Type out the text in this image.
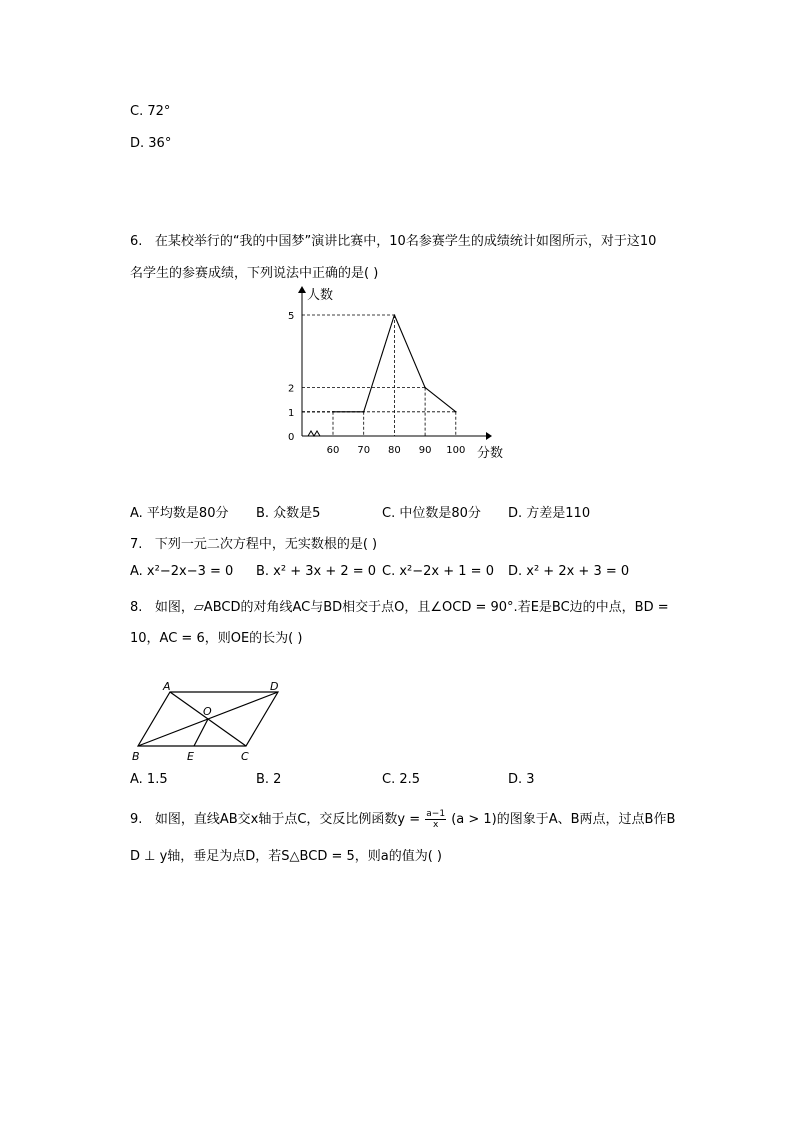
C. 72°
D. 36°
6. 在某校举行的“我的中国梦”演讲比赛中，10名参赛学生的成绩统计如图所示，对于这10
名学生的参赛成绩，下列说法中正确的是( )
人数
分数
0
1
2
5
60 70 80 90 100
A. 平均数是80分 B. 众数是5	C. 中位数是80分 D. 方差是110
7. 下列一元二次方程中，无实数根的是( )
A. x²−2x−3 = 0 B. x² + 3x + 2 = 0 C. x²−2x + 1 = 0 D. x² + 2x + 3 = 0
8. 如图，▱ABCD的对角线AC与BD相交于点O，且∠OCD = 90°.若E是BC边的中点，BD =
10，AC = 6，则OE的长为( )
A	D
O
B	E	C
A. 1.5	B. 2	C. 2.5	D. 3
9. 如图，直线AB交x轴于点C，交反比例函数$y = \frac{a-1}{x} (a > 1)$的图象于A、B两点，过点B作B
D ⊥ y轴，垂足为点D，若S△BCD = 5，则a的值为( )
